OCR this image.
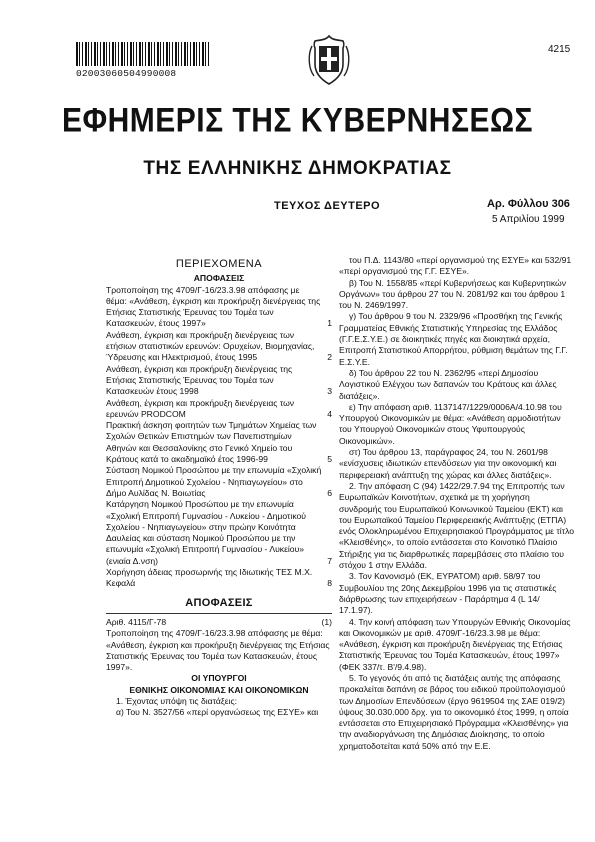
02003060504990008
4215
ΕΦΗΜΕΡΙΣ ΤΗΣ ΚΥΒΕΡΝΗΣΕΩΣ
ΤΗΣ ΕΛΛΗΝΙΚΗΣ ΔΗΜΟΚΡΑΤΙΑΣ
ΤΕΥΧΟΣ ΔΕΥΤΕΡΟ	Αρ. Φύλλου 306
5 Απριλίου 1999
ΠΕΡΙΕΧΟΜΕΝΑ

ΑΠΟΦΑΣΕΙΣ

Τροποποίηση της 4709/Γ-16/23.3.98 απόφασης με θέμα: «Ανάθεση, έγκριση και προκήρυξη διενέργειας της Ετήσιας Στατιστικής Έρευνας του Τομέα των Κατασκευών, έτους 1997»	1

Ανάθεση, έγκριση και προκήρυξη διενέργειας των ετήσιων στατιστικών ερευνών: Ορυχείων, Βιομηχανίας, Ύδρευσης και Ηλεκτρισμού, έτους 1995	2

Ανάθεση, έγκριση και προκήρυξη διενέργειας της Ετήσιας Στατιστικής Έρευνας του Τομέα των Κατασκευών έτους 1998	3

Ανάθεση, έγκριση και προκήρυξη διενέργειας των ερευνών PRODCOM	4

Πρακτική άσκηση φοιτητών των Τμημάτων Χημείας των Σχολών Θετικών Επιστημών των Πανεπιστημίων Αθηνών και Θεσσαλονίκης στο Γενικό Χημείο του Κράτους κατά το ακαδημαϊκό έτος 1996-99	5

Σύσταση Νομικού Προσώπου με την επωνυμία «Σχολική Επιτροπή Δημοτικού Σχολείου - Νηπιαγωγείου» στο Δήμο Αυλίδας Ν. Βοιωτίας	6

Κατάργηση Νομικού Προσώπου με την επωνυμία «Σχολική Επιτροπή Γυμνασίου - Λυκείου - Δημοτικού Σχολείου - Νηπιαγωγείου» στην πρώην Κοινότητα Δαυλείας και σύσταση Νομικού Προσώπου με την επωνυμία «Σχολική Επιτροπή Γυμνασίου - Λυκείου» (ενιαία Δ.νση)	7

Χορήγηση άδειας προσωρινής της Ιδιωτικής ΤΕΣ Μ.Χ. Κεφαλά	8

ΑΠΟΦΑΣΕΙΣ

Αριθ. 4115/Γ-78	(1)

Τροποποίηση της 4709/Γ-16/23.3.98 απόφασης με θέμα: «Ανάθεση, έγκριση και προκήρυξη διενέργειας της Ετήσιας Στατιστικής Έρευνας του Τομέα των Κατασκευών, έτους 1997».

ΟΙ ΥΠΟΥΡΓΟΙ

ΕΘΝΙΚΗΣ ΟΙΚΟΝΟΜΙΑΣ ΚΑΙ ΟΙΚΟΝΟΜΙΚΩΝ

1. Έχοντας υπόψη τις διατάξεις:

α) Του Ν. 3527/56 «περί οργανώσεως της ΕΣΥΕ» και

του Π.Δ. 1143/80 «περί οργανισμού της ΕΣΥΕ» και 532/91 «περί οργανισμού της Γ.Γ. ΕΣΥΕ».

β) Του Ν. 1558/85 «περί Κυβερνήσεως και Κυβερνητικών Οργάνων» του άρθρου 27 του Ν. 2081/92 και του άρθρου 1 του Ν. 2469/1997.

γ) Του άρθρου 9 του Ν. 2329/96 «Προσθήκη της Γενικής Γραμματείας Εθνικής Στατιστικής Υπηρεσίας της Ελλάδος (Γ.Γ.Ε.Σ.Υ.Ε.) σε διοικητικές πηγές και διοικητικά αρχεία, Επιτροπή Στατιστικού Απορρήτου, ρύθμιση θεμάτων της Γ.Γ. Ε.Σ.Υ.Ε.

δ) Του άρθρου 22 του Ν. 2362/95 «περί Δημοσίου Λογιστικού Ελέγχου των δαπανών του Κράτους και άλλες διατάξεις».

ε) Την απόφαση αριθ. 1137147/1229/0006Α/4.10.98 του Υπουργού Οικονομικών με θέμα: «Ανάθεση αρμοδιοτήτων του Υπουργού Οικονομικών στους Υφυπουργούς Οικονομικών».

στ) Του άρθρου 13, παράγραφος 24, του Ν. 2601/98 «ενίσχυσεις ιδιωτικών επενδύσεων για την οικονομική και περιφερειακή ανάπτυξη της χώρας και άλλες διατάξεις».

2. Την απόφαση C (94) 1422/29.7.94 της Επιτροπής των Ευρωπαϊκών Κοινοτήτων, σχετικά με τη χορήγηση συνδρομής του Ευρωπαϊκού Κοινωνικού Ταμείου (ΕΚΤ) και του Ευρωπαϊκού Ταμείου Περιφερειακής Ανάπτυξης (ΕΤΠΑ) ενός Ολοκληρωμένου Επιχειρησιακού Προγράμματος με τίτλο «Κλεισθένης», το οποίο εντάσσεται στο Κοινοτικό Πλαίσιο Στήριξης για τις διαρθρωτικές παρεμβάσεις στο πλαίσιο του στόχου 1 στην Ελλάδα.

3. Τον Κανονισμό (ΕΚ, ΕΥΡΑΤΟΜ) αριθ. 58/97 του Συμβουλίου της 20ης Δεκεμβρίου 1996 για τις στατιστικές διάρθρωσης των επιχειρήσεων - Παράρτημα 4 (L 14/ 17.1.97).

4. Την κοινή απόφαση των Υπουργών Εθνικής Οικονομίας και Οικονομικών με αριθ. 4709/Γ-16/23.3.98 με θέμα: «Ανάθεση, έγκριση και προκήρυξη διενέργειας της Ετήσιας Στατιστικής Έρευνας του Τομέα Κατασκευών, έτους 1997» (ΦΕΚ 337/τ. Β'/9.4.98).

5. Το γεγονός ότι από τις διατάξεις αυτής της απόφασης προκαλείται δαπάνη σε βάρος του ειδικού προϋπολογισμού των Δημοσίων Επενδύσεων (έργο 9619504 της ΣΑΕ 019/2) ύψους 30.030.000 δρχ. για το οικονομικό έτος 1999, η οποία εντάσσεται στο Επιχειρησιακό Πρόγραμμα «Κλεισθένης» για την αναδιοργάνωση της Δημόσιας Διοίκησης, το οποίο χρηματοδοτείται κατά 50% από την Ε.Ε.
